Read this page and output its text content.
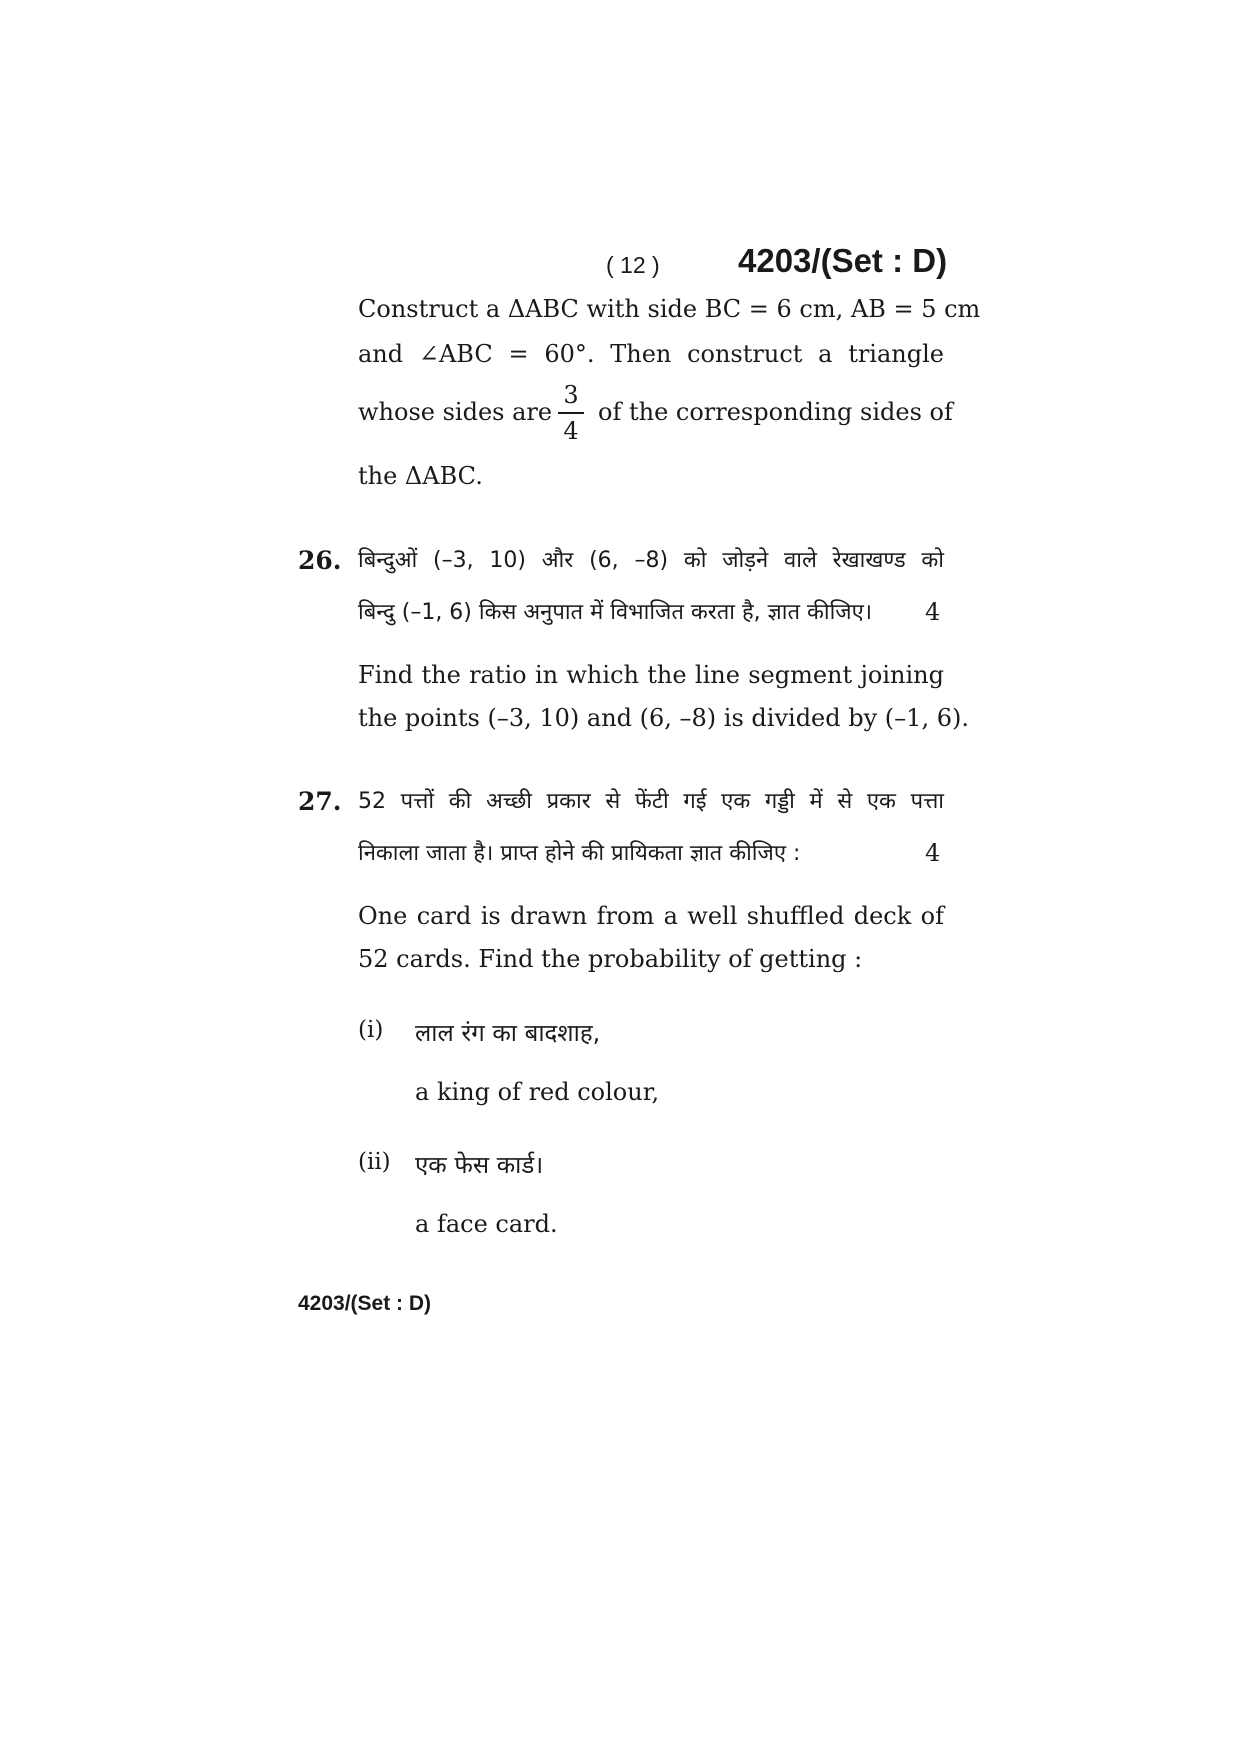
( 12 ) 4203/(Set : D)
Construct a ΔABC with side BC = 6 cm, AB = 5 cm
and ∠ABC = 60°. Then construct a triangle
whose sides are
3
4
of the corresponding sides of
the ΔABC.
26. बिन्दुओं (–3, 10) और (6, –8) को जोड़ने वाले रेखाखण्ड को
बिन्दु (–1, 6) किस अनुपात में विभाजित करता है, ज्ञात कीजिए।	4
Find the ratio in which the line segment joining
the points (–3, 10) and (6, –8) is divided by (–1, 6).
27. 52 पत्तों की अच्छी प्रकार से फेंटी गई एक गड्डी में से एक पत्ता
निकाला जाता है। प्राप्त होने की प्रायिकता ज्ञात कीजिए :	4
One card is drawn from a well shuffled deck of
52 cards. Find the probability of getting :
(i) लाल रंग का बादशाह,
a king of red colour,
(ii) एक फेस कार्ड।
a face card.
4203/(Set : D)
